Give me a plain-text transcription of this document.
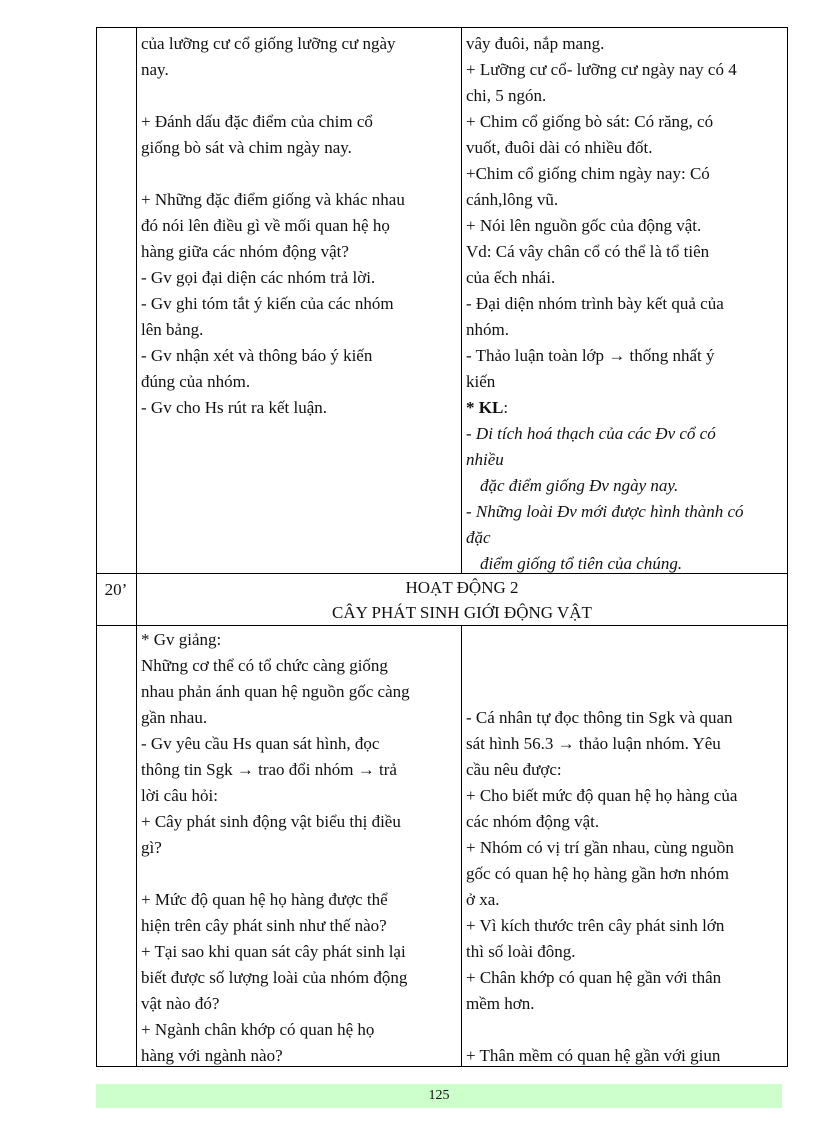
của lưỡng cư cổ giống lưỡng cư ngày

nay.

+ Đánh dấu đặc điểm của chim cổ

giống bò sát và chim ngày nay.

+ Những đặc điểm giống và khác nhau

đó nói lên điều gì về mối quan hệ họ

hàng giữa các nhóm động vật?

- Gv gọi đại diện các nhóm trả lời.

- Gv ghi tóm tắt ý kiến của các nhóm

lên bảng.

- Gv nhận xét và thông báo ý kiến

đúng của nhóm.

- Gv cho Hs rút ra kết luận.

vây đuôi, nắp mang.

+ Lưỡng cư cổ- lưỡng cư ngày nay có 4

chi, 5 ngón.

+ Chim cổ giống bò sát: Có răng, có

vuốt, đuôi dài có nhiều đốt.

+Chim cổ giống chim ngày nay: Có

cánh,lông vũ.

+ Nói lên nguồn gốc của động vật.

Vd: Cá vây chân cổ có thể là tổ tiên

của ếch nhái.

- Đại diện nhóm trình bày kết quả của

nhóm.

- Thảo luận toàn lớp → thống nhất ý

kiến

* KL:

- Di tích hoá thạch của các Đv cổ có

nhiều

đặc điểm giống Đv ngày nay.

- Những loài Đv mới được hình thành có

đặc

điểm giống tổ tiên của chúng.

20’	HOẠT ĐỘNG 2
CÂY PHÁT SINH GIỚI ĐỘNG VẬT

* Gv giảng:

Những cơ thể có tổ chức càng giống

nhau phản ánh quan hệ nguồn gốc càng

gần nhau.

- Gv yêu cầu Hs quan sát hình, đọc

thông tin Sgk → trao đổi nhóm → trả

lời câu hỏi:

+ Cây phát sinh động vật biểu thị điều

gì?

+ Mức độ quan hệ họ hàng được thể

hiện trên cây phát sinh như thế nào?

+ Tại sao khi quan sát cây phát sinh lại

biết được số lượng loài của nhóm động

vật nào đó?

+ Ngành chân khớp có quan hệ họ

hàng với ngành nào?

- Cá nhân tự đọc thông tin Sgk và quan

sát hình 56.3 → thảo luận nhóm. Yêu

cầu nêu được:

+ Cho biết mức độ quan hệ họ hàng của

các nhóm động vật.

+ Nhóm có vị trí gần nhau, cùng nguồn

gốc có quan hệ họ hàng gần hơn nhóm

ở xa.

+ Vì kích thước trên cây phát sinh lớn

thì số loài đông.

+ Chân khớp có quan hệ gần với thân

mềm hơn.

+ Thân mềm có quan hệ gần với giun

125
